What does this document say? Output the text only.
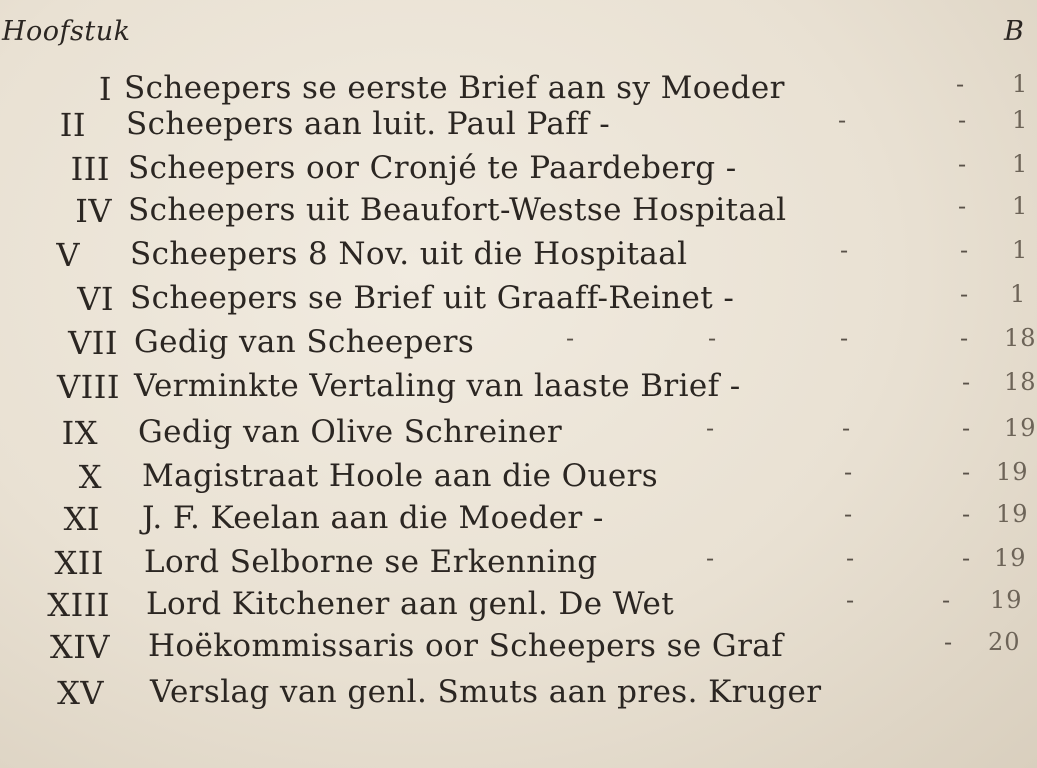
Hoofstuk	B
I Scheepers se eerste Brief aan sy Moeder	- 1
II Scheepers aan luit. Paul Paff -	-	- 1
III Scheepers oor Cronjé te Paardeberg -	- 1
IV Scheepers uit Beaufort-Westse Hospitaal	- 1
V Scheepers 8 Nov. uit die Hospitaal	-	- 1
VI Scheepers se Brief uit Graaff-Reinet -	- 1
VII Gedig van Scheepers	-	-	-	- 18
VIII Verminkte Vertaling van laaste Brief -	- 18
IX Gedig van Olive Schreiner	-	-	- 19
X Magistraat Hoole aan die Ouers	-	- 19
XI J. F. Keelan aan die Moeder -	-	- 19
XII Lord Selborne se Erkenning	-	-	- 19
XIII Lord Kitchener aan genl. De Wet	-	- 19
XIV Hoëkommissaris oor Scheepers se Graf	- 20
XV Verslag van genl. Smuts aan pres. Kruger
